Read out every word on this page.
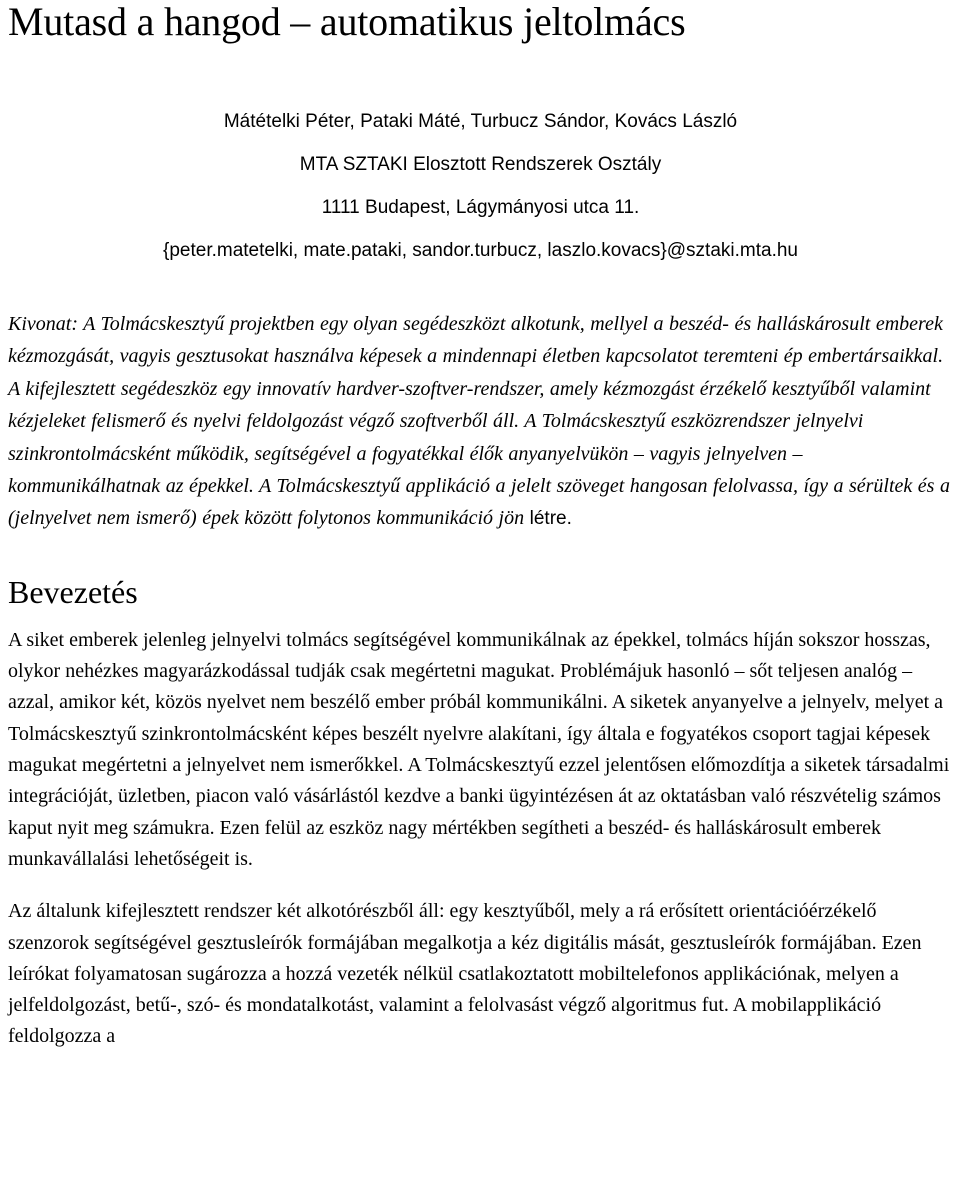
Mutasd a hangod – automatikus jeltolmács
Mátételki Péter, Pataki Máté, Turbucz Sándor, Kovács László
MTA SZTAKI Elosztott Rendszerek Osztály
1111 Budapest, Lágymányosi utca 11.
{peter.matetelki, mate.pataki, sandor.turbucz, laszlo.kovacs}@sztaki.mta.hu

Kivonat: A Tolmácskesztyű projektben egy olyan segédeszközt alkotunk, mellyel a beszéd- és halláskárosult emberek kézmozgását, vagyis gesztusokat használva képesek a mindennapi életben kapcsolatot teremteni ép embertársaikkal. A kifejlesztett segédeszköz egy innovatív hardver-szoftver-rendszer, amely kézmozgást érzékelő kesztyűből valamint kézjeleket felismerő és nyelvi feldolgozást végző szoftverből áll. A Tolmácskesztyű eszközrendszer jelnyelvi szinkrontolmácsként működik, segítségével a fogyatékkal élők anyanyelvükön – vagyis jelnyelven – kommunikálhatnak az épekkel. A Tolmácskesztyű applikáció a jelelt szöveget hangosan felolvassa, így a sérültek és a (jelnyelvet nem ismerő) épek között folytonos kommunikáció jön létre.

Bevezetés

A siket emberek jelenleg jelnyelvi tolmács segítségével kommunikálnak az épekkel, tolmács híján sokszor hosszas, olykor nehézkes magyarázkodással tudják csak megértetni magukat. Problémájuk hasonló – sőt teljesen analóg – azzal, amikor két, közös nyelvet nem beszélő ember próbál kommunikálni. A siketek anyanyelve a jelnyelv, melyet a Tolmácskesztyű szinkrontolmácsként képes beszélt nyelvre alakítani, így általa e fogyatékos csoport tagjai képesek magukat megértetni a jelnyelvet nem ismerőkkel. A Tolmácskesztyű ezzel jelentősen előmozdítja a siketek társadalmi integrációját, üzletben, piacon való vásárlástól kezdve a banki ügyintézésen át az oktatásban való részvételig számos kaput nyit meg számukra. Ezen felül az eszköz nagy mértékben segítheti a beszéd- és halláskárosult emberek munkavállalási lehetőségeit is.

Az általunk kifejlesztett rendszer két alkotórészből áll: egy kesztyűből, mely a rá erősített orientációérzékelő szenzorok segítségével gesztusleírók formájában megalkotja a kéz digitális mását, gesztusleírók formájában. Ezen leírókat folyamatosan sugározza a hozzá vezeték nélkül csatlakoztatott mobiltelefonos applikációnak, melyen a jelfeldolgozást, betű-, szó- és mondatalkotást, valamint a felolvasást végző algoritmus fut. A mobilapplikáció feldolgozza a
